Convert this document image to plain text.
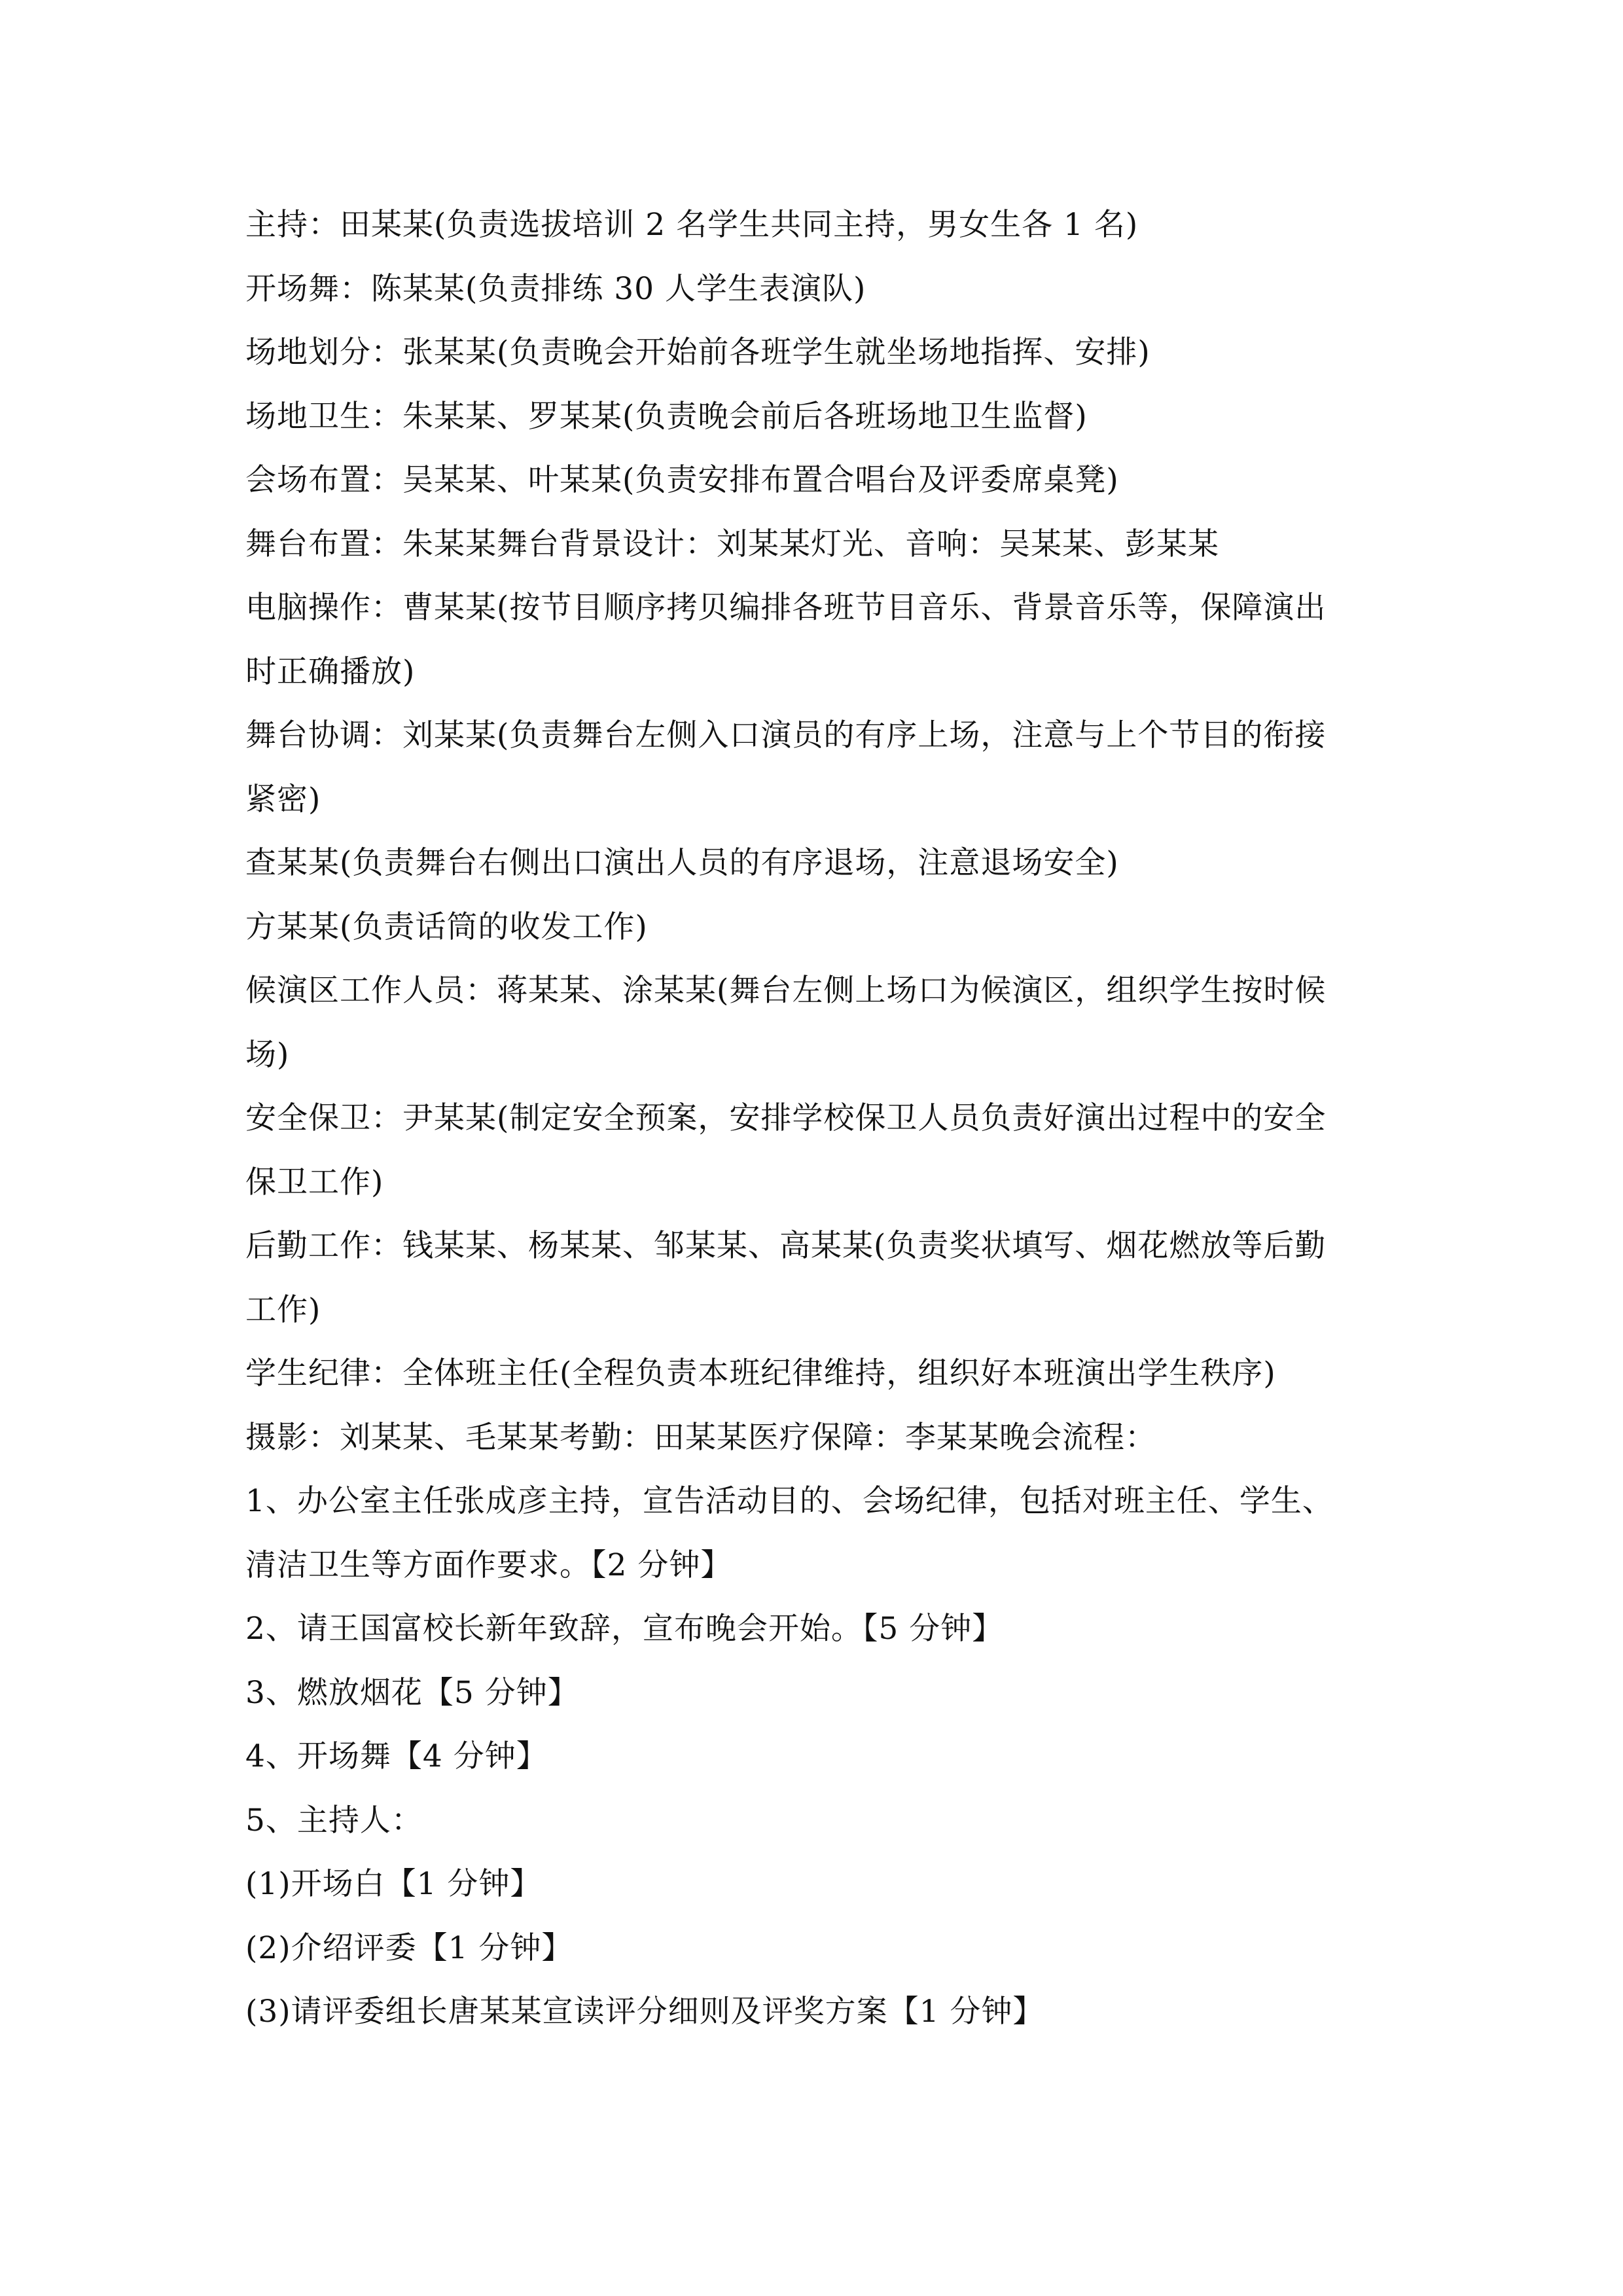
主持：田某某(负责选拔培训 2 名学生共同主持，男女生各 1 名)
开场舞：陈某某(负责排练 30 人学生表演队)
场地划分：张某某(负责晚会开始前各班学生就坐场地指挥、安排)
场地卫生：朱某某、罗某某(负责晚会前后各班场地卫生监督)
会场布置：吴某某、叶某某(负责安排布置合唱台及评委席桌凳)
舞台布置：朱某某舞台背景设计：刘某某灯光、音响：吴某某、彭某某
电脑操作：曹某某(按节目顺序拷贝编排各班节目音乐、背景音乐等，保障演出
时正确播放)
舞台协调：刘某某(负责舞台左侧入口演员的有序上场，注意与上个节目的衔接
紧密)
查某某(负责舞台右侧出口演出人员的有序退场，注意退场安全)
方某某(负责话筒的收发工作)
候演区工作人员：蒋某某、涂某某(舞台左侧上场口为候演区，组织学生按时候
场)
安全保卫：尹某某(制定安全预案，安排学校保卫人员负责好演出过程中的安全
保卫工作)
后勤工作：钱某某、杨某某、邹某某、高某某(负责奖状填写、烟花燃放等后勤
工作)
学生纪律：全体班主任(全程负责本班纪律维持，组织好本班演出学生秩序)
摄影：刘某某、毛某某考勤：田某某医疗保障：李某某晚会流程：
1、办公室主任张成彦主持，宣告活动目的、会场纪律，包括对班主任、学生、
清洁卫生等方面作要求。【2 分钟】
2、请王国富校长新年致辞，宣布晚会开始。【5 分钟】
3、燃放烟花【5 分钟】
4、开场舞【4 分钟】
5、主持人：
(1)开场白【1 分钟】
(2)介绍评委【1 分钟】
(3)请评委组长唐某某宣读评分细则及评奖方案【1 分钟】
